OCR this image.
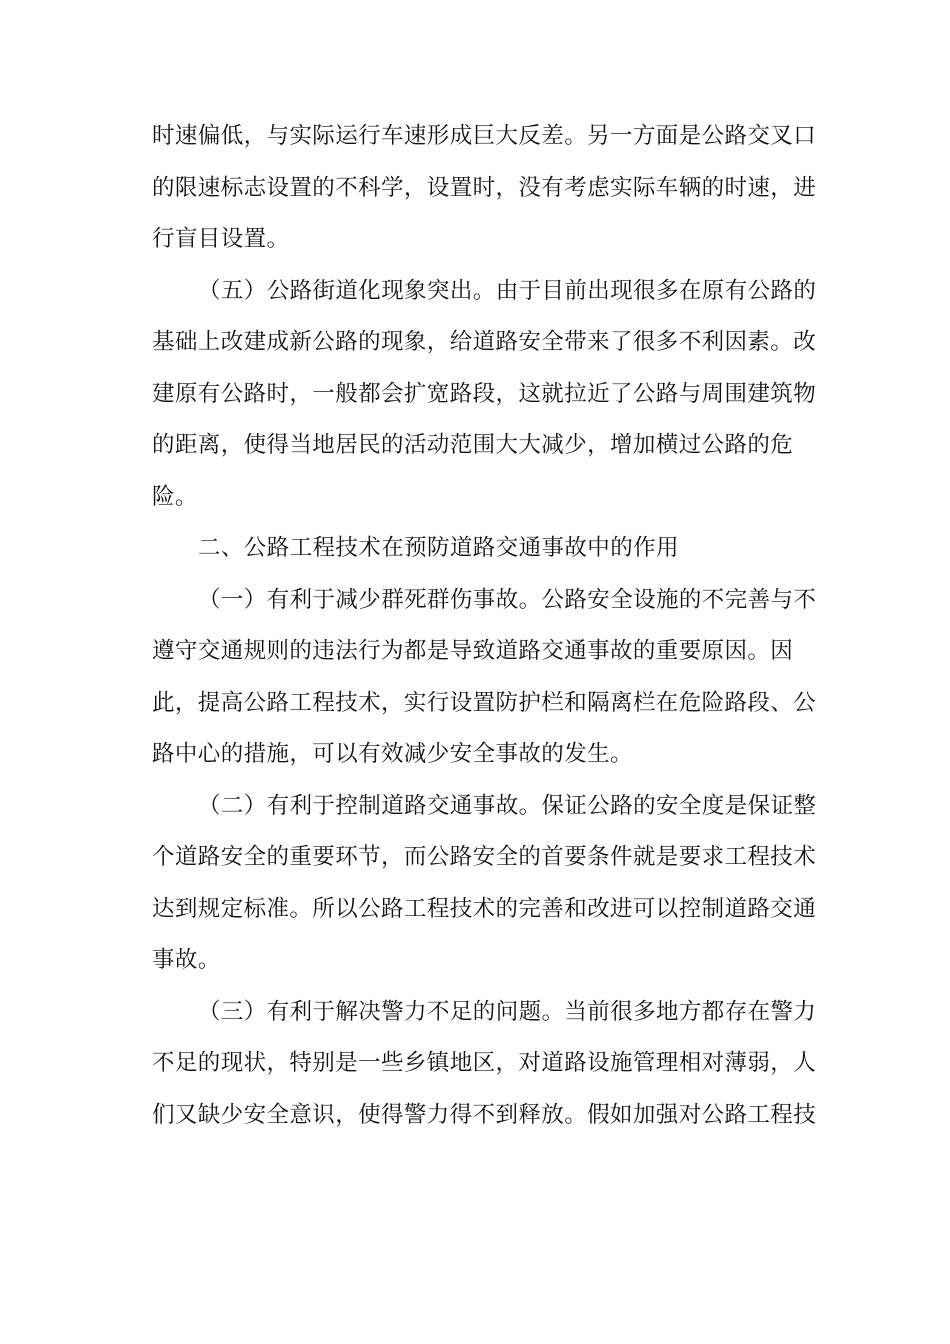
时速偏低，与实际运行车速形成巨大反差。另一方面是公路交叉口
的限速标志设置的不科学，设置时，没有考虑实际车辆的时速，进
行盲目设置。
（五）公路街道化现象突出。由于目前出现很多在原有公路的
基础上改建成新公路的现象，给道路安全带来了很多不利因素。改
建原有公路时，一般都会扩宽路段，这就拉近了公路与周围建筑物
的距离，使得当地居民的活动范围大大减少，增加横过公路的危
险。
二、公路工程技术在预防道路交通事故中的作用
（一）有利于减少群死群伤事故。公路安全设施的不完善与不
遵守交通规则的违法行为都是导致道路交通事故的重要原因。因
此，提高公路工程技术，实行设置防护栏和隔离栏在危险路段、公
路中心的措施，可以有效减少安全事故的发生。
（二）有利于控制道路交通事故。保证公路的安全度是保证整
个道路安全的重要环节，而公路安全的首要条件就是要求工程技术
达到规定标准。所以公路工程技术的完善和改进可以控制道路交通
事故。
（三）有利于解决警力不足的问题。当前很多地方都存在警力
不足的现状，特别是一些乡镇地区，对道路设施管理相对薄弱，人
们又缺少安全意识，使得警力得不到释放。假如加强对公路工程技
